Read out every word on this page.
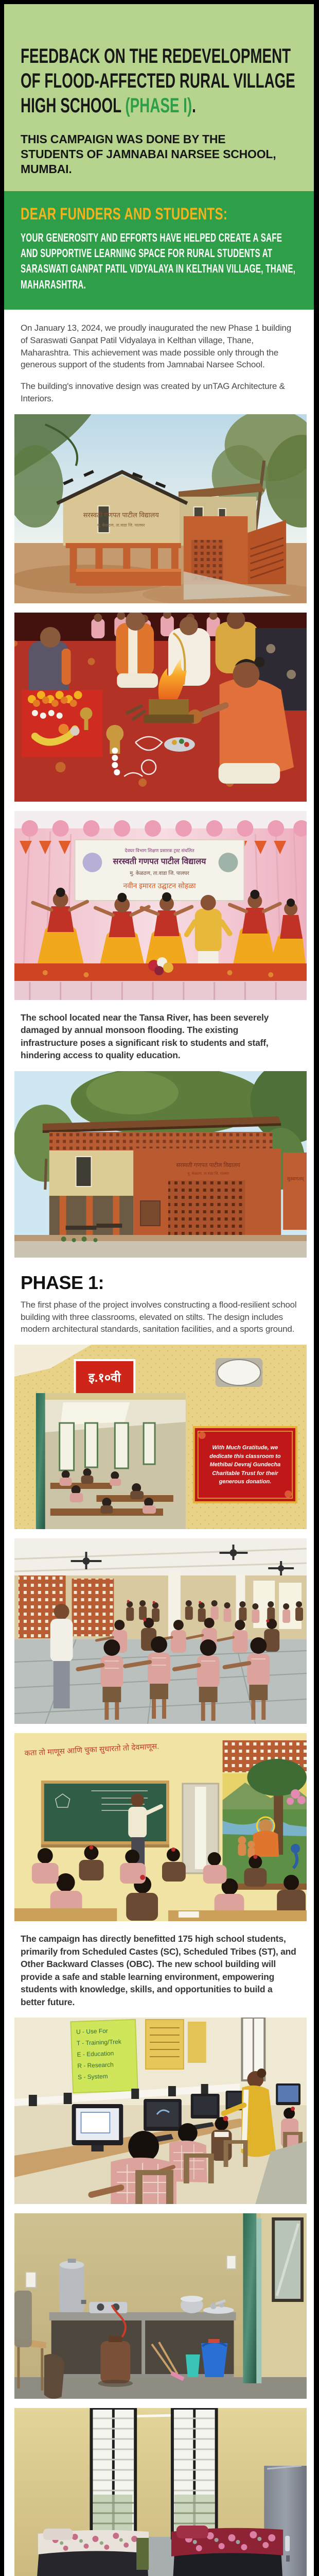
FEEDBACK ON THE REDEVELOPMENT
OF FLOOD-AFFECTED RURAL VILLAGE
HIGH SCHOOL (PHASE I).
THIS CAMPAIGN WAS DONE BY THE STUDENTS OF JAMNABAI NARSEE SCHOOL, MUMBAI.
DEAR FUNDERS AND STUDENTS:
YOUR GENEROSITY AND EFFORTS HAVE HELPED CREATE A SAFE AND SUPPORTIVE LEARNING SPACE FOR RURAL STUDENTS AT SARASWATI GANPAT PATIL VIDYALAYA IN KELTHAN VILLAGE, THANE, MAHARASHTRA.

On January 13, 2024, we proudly inaugurated the new Phase 1 building of Saraswati Ganpat Patil Vidyalaya in Kelthan village, Thane, Maharashtra. This achievement was made possible only through the generous support of the students from Jamnabai Narsee School.

The building's innovative design was created by unTAG Architecture & Interiors.

सरस्वती गणपत पाटील विद्यालय
मु. केळठण, ता.वाडा जि. पालघर
देवघर विभाग शिक्षण प्रसारक ट्रस्ट संचलित
सरस्वती गणपत पाटील विद्यालय
मु. केळठण, ता.वाडा जि. पालघर
नवीन इमारत उद्घाटन सोहळा

The school located near the Tansa River, has been severely damaged by annual monsoon flooding. The existing infrastructure poses a significant risk to students and staff, hindering access to quality education.

सरस्वती गणपत पाटील विद्यालय
मु. केळठण, ता.वाडा जि. पालघर
सुस्वागतम्
PHASE 1:

The first phase of the project involves constructing a flood-resilient school building with three classrooms, elevated on stilts. The design includes modern architectural standards, sanitation facilities, and a sports ground.

इ.१०वी
With Much Gratitude, we dedicate this classroom to Methibai Devraj Gundecha Charitable Trust for their generous donation.
कता तो माणूस आणि चुका सुधारतो तो देवमाणूस.

The campaign has directly benefitted 175 high school students, primarily from Scheduled Castes (SC), Scheduled Tribes (ST), and Other Backward Classes (OBC). The new school building will provide a safe and stable learning environment, empowering students with knowledge, skills, and opportunities to build a better future.

U - Use For
T - Training/Trek
E - Education
R - Research
S - System
